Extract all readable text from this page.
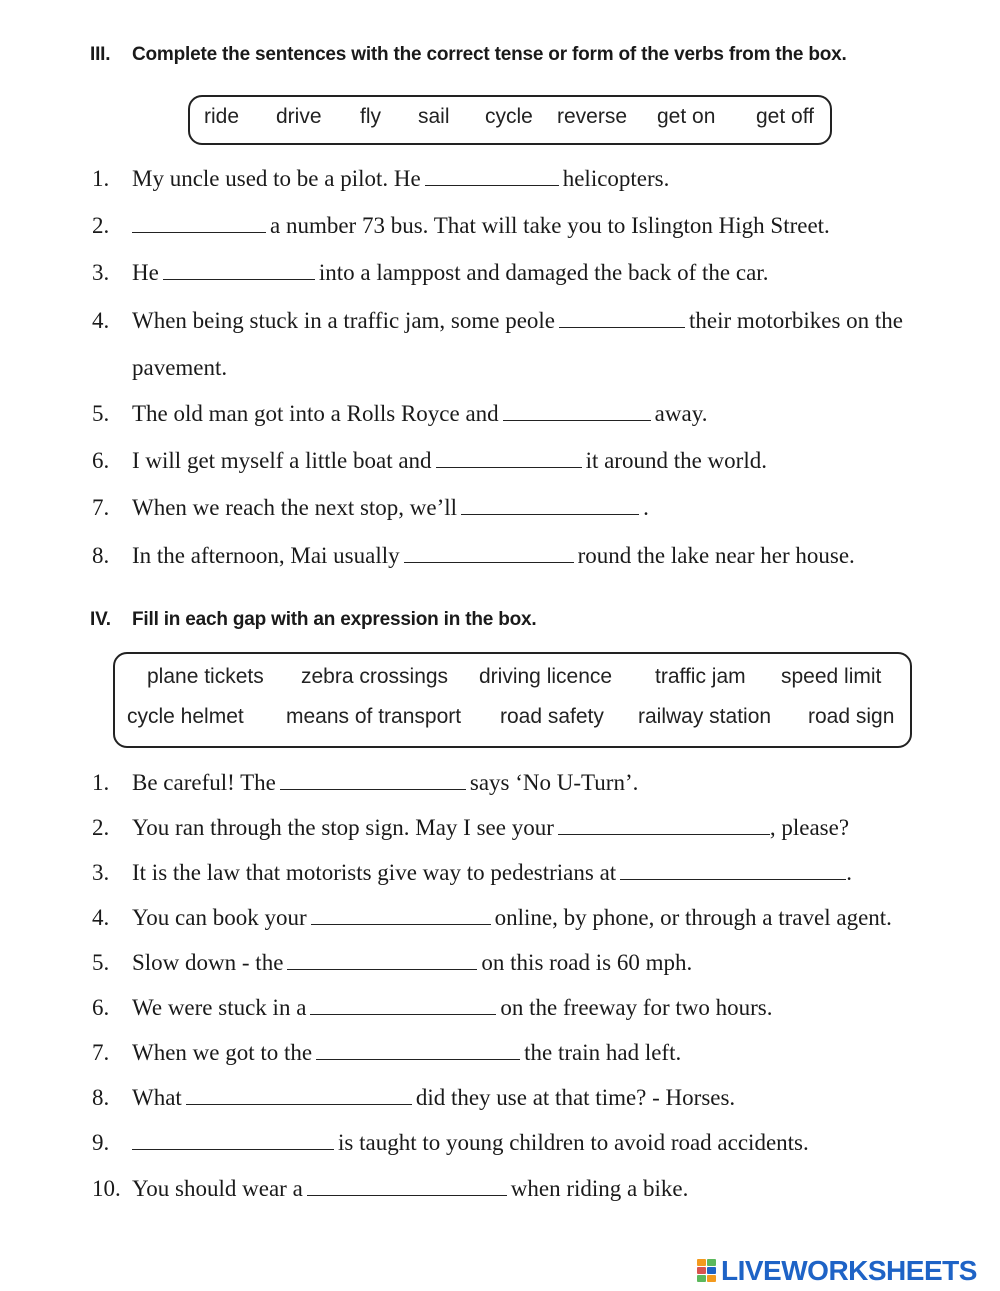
III. Complete the sentences with the correct tense or form of the verbs from the box.
ride drive fly sail cycle reverse get on get off
1. My uncle used to be a pilot. He	helicopters.
2.	a number 73 bus. That will take you to Islington High Street.
3. He	into a lamppost and damaged the back of the car.
4. When being stuck in a traffic jam, some peole	their motorbikes on the
pavement.
5. The old man got into a Rolls Royce and	away.
6. I will get myself a little boat and	it around the world.
7. When we reach the next stop, we’ll	.
8. In the afternoon, Mai usually	round the lake near her house.
IV. Fill in each gap with an expression in the box.
plane tickets zebra crossings driving licence traffic jam speed limit
cycle helmet means of transport road safety railway station road sign
1. Be careful! The	says ‘No U-Turn’.
2. You ran through the stop sign. May I see your	, please?
3. It is the law that motorists give way to pedestrians at	.
4. You can book your	online, by phone, or through a travel agent.
5. Slow down - the	on this road is 60 mph.
6. We were stuck in a	on the freeway for two hours.
7. When we got to the	the train had left.
8. What	did they use at that time? - Horses.
9.	is taught to young children to avoid road accidents.
10. You should wear a	when riding a bike.
LIVEWORKSHEETS
